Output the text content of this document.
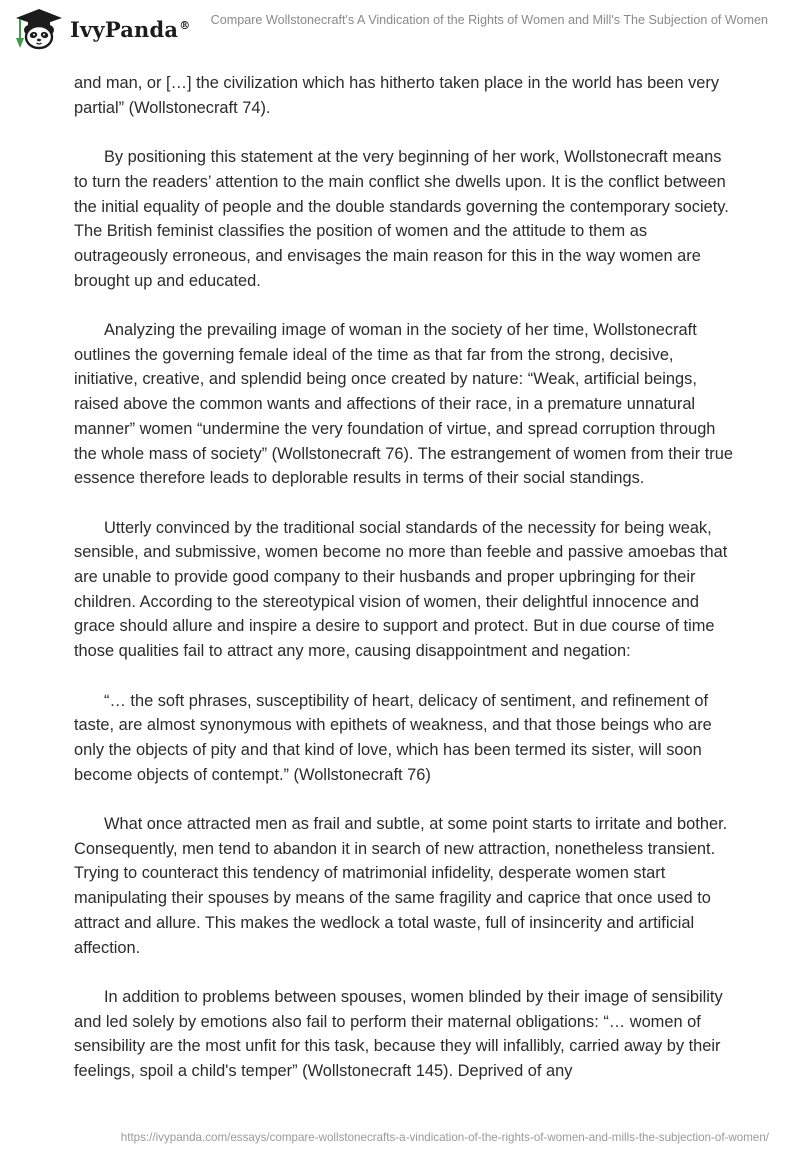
IvyPanda® Compare Wollstonecraft's A Vindication of the Rights of Women and Mill's The Subjection of Women

and man, or […] the civilization which has hitherto taken place in the world has been very partial” (Wollstonecraft 74).

By positioning this statement at the very beginning of her work, Wollstonecraft means to turn the readers’ attention to the main conflict she dwells upon. It is the conflict between the initial equality of people and the double standards governing the contemporary society. The British feminist classifies the position of women and the attitude to them as outrageously erroneous, and envisages the main reason for this in the way women are brought up and educated.

Analyzing the prevailing image of woman in the society of her time, Wollstonecraft outlines the governing female ideal of the time as that far from the strong, decisive, initiative, creative, and splendid being once created by nature: “Weak, artificial beings, raised above the common wants and affections of their race, in a premature unnatural manner” women “undermine the very foundation of virtue, and spread corruption through the whole mass of society” (Wollstonecraft 76). The estrangement of women from their true essence therefore leads to deplorable results in terms of their social standings.

Utterly convinced by the traditional social standards of the necessity for being weak, sensible, and submissive, women become no more than feeble and passive amoebas that are unable to provide good company to their husbands and proper upbringing for their children. According to the stereotypical vision of women, their delightful innocence and grace should allure and inspire a desire to support and protect. But in due course of time those qualities fail to attract any more, causing disappointment and negation:

“… the soft phrases, susceptibility of heart, delicacy of sentiment, and refinement of taste, are almost synonymous with epithets of weakness, and that those beings who are only the objects of pity and that kind of love, which has been termed its sister, will soon become objects of contempt.” (Wollstonecraft 76)

What once attracted men as frail and subtle, at some point starts to irritate and bother. Consequently, men tend to abandon it in search of new attraction, nonetheless transient. Trying to counteract this tendency of matrimonial infidelity, desperate women start manipulating their spouses by means of the same fragility and caprice that once used to attract and allure. This makes the wedlock a total waste, full of insincerity and artificial affection.

In addition to problems between spouses, women blinded by their image of sensibility and led solely by emotions also fail to perform their maternal obligations: “… women of sensibility are the most unfit for this task, because they will infallibly, carried away by their feelings, spoil a child's temper” (Wollstonecraft 145). Deprived of any

https://ivypanda.com/essays/compare-wollstonecrafts-a-vindication-of-the-rights-of-women-and-mills-the-subjection-of-women/
